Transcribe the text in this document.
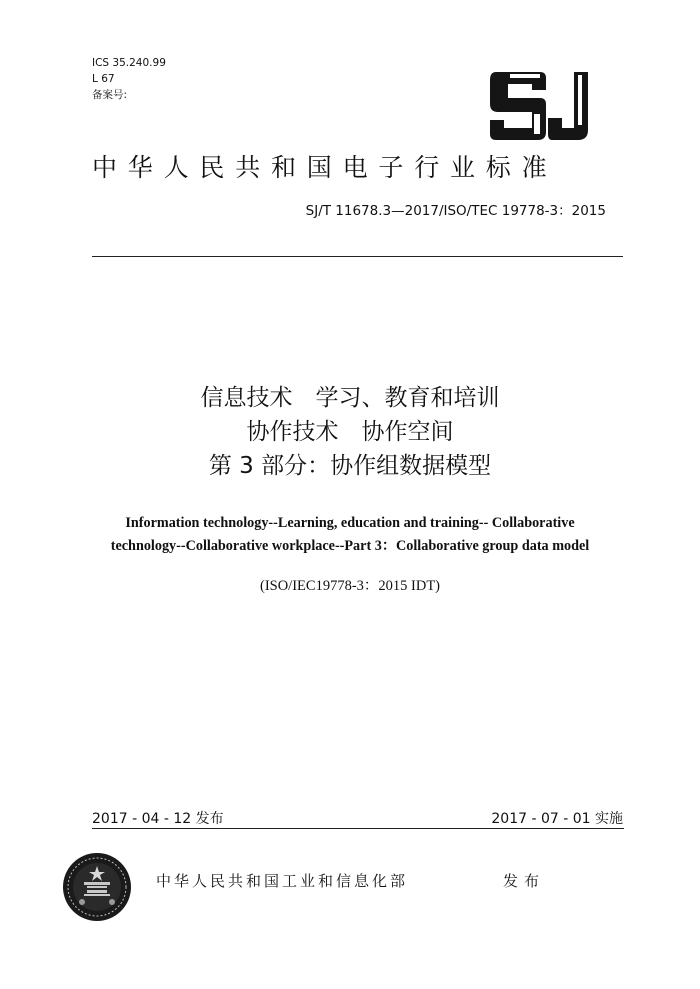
ICS 35.240.99
L 67
备案号:
中华人民共和国电子行业标准
SJ/T 11678.3—2017/ISO/TEC 19778-3：2015
信息技术　学习、教育和培训
协作技术　协作空间
第 3 部分：协作组数据模型
Information technology--Learning, education and training-- Collaborative
technology--Collaborative workplace--Part 3：Collaborative group data model
(ISO/IEC19778-3：2015 IDT)
2017 - 04 - 12 发布	2017 - 07 - 01 实施
中华人民共和国工业和信息化部	发布
